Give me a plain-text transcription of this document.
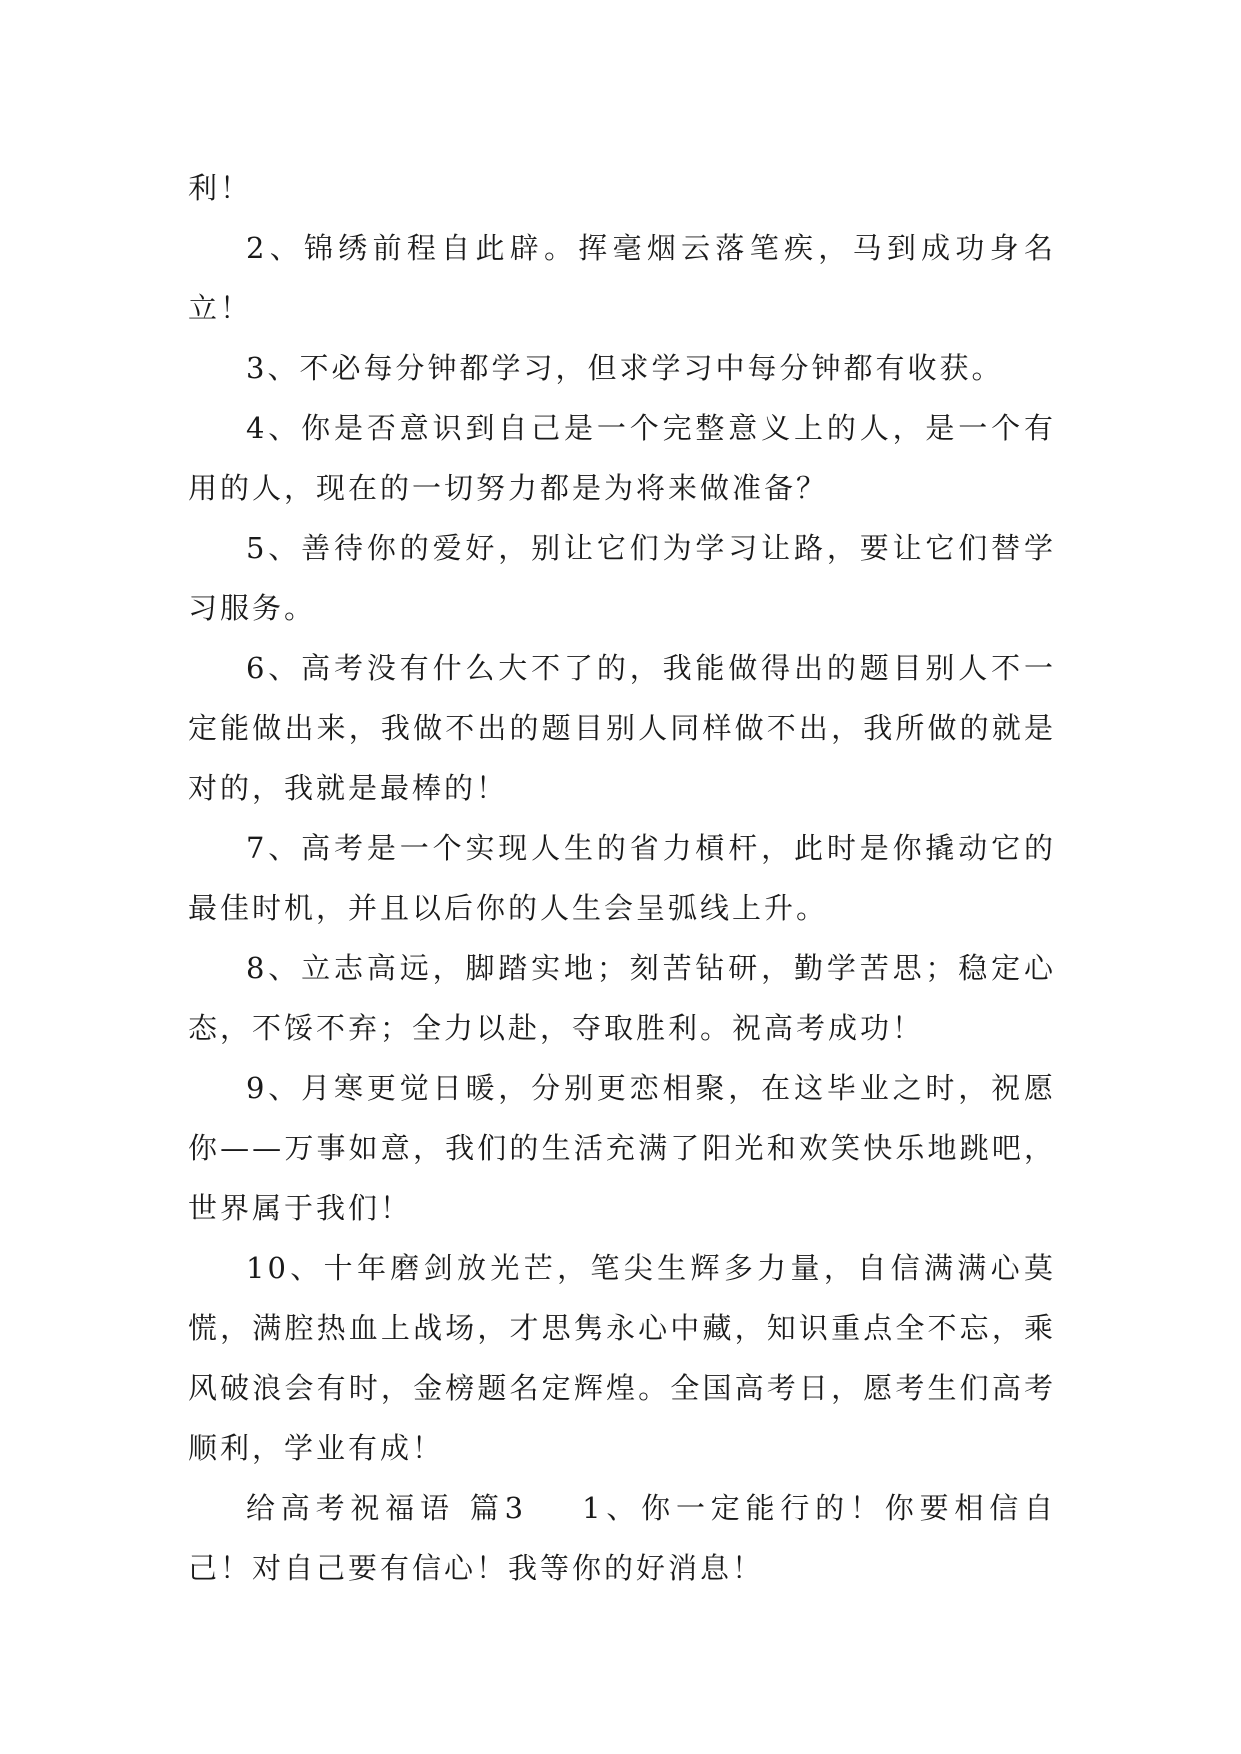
利！

2、锦绣前程自此辟。挥毫烟云落笔疾，马到成功身名立！

3、不必每分钟都学习，但求学习中每分钟都有收获。

4、你是否意识到自己是一个完整意义上的人，是一个有用的人，现在的一切努力都是为将来做准备？

5、善待你的爱好，别让它们为学习让路，要让它们替学习服务。

6、高考没有什么大不了的，我能做得出的题目别人不一定能做出来，我做不出的题目别人同样做不出，我所做的就是对的，我就是最棒的！

7、高考是一个实现人生的省力槓杆，此时是你撬动它的最佳时机，并且以后你的人生会呈弧线上升。

8、立志高远，脚踏实地；刻苦钻研，勤学苦思；稳定心态，不馁不弃；全力以赴，夺取胜利。祝高考成功！

9、月寒更觉日暖，分别更恋相聚，在这毕业之时，祝愿你——万事如意，我们的生活充满了阳光和欢笑快乐地跳吧，世界属于我们！

10、十年磨剑放光芒，笔尖生辉多力量，自信满满心莫慌，满腔热血上战场，才思隽永心中藏，知识重点全不忘，乘风破浪会有时，金榜题名定辉煌。全国高考日，愿考生们高考顺利，学业有成！

给高考祝福语 篇3 1、你一定能行的！你要相信自己！对自己要有信心！我等你的好消息！
